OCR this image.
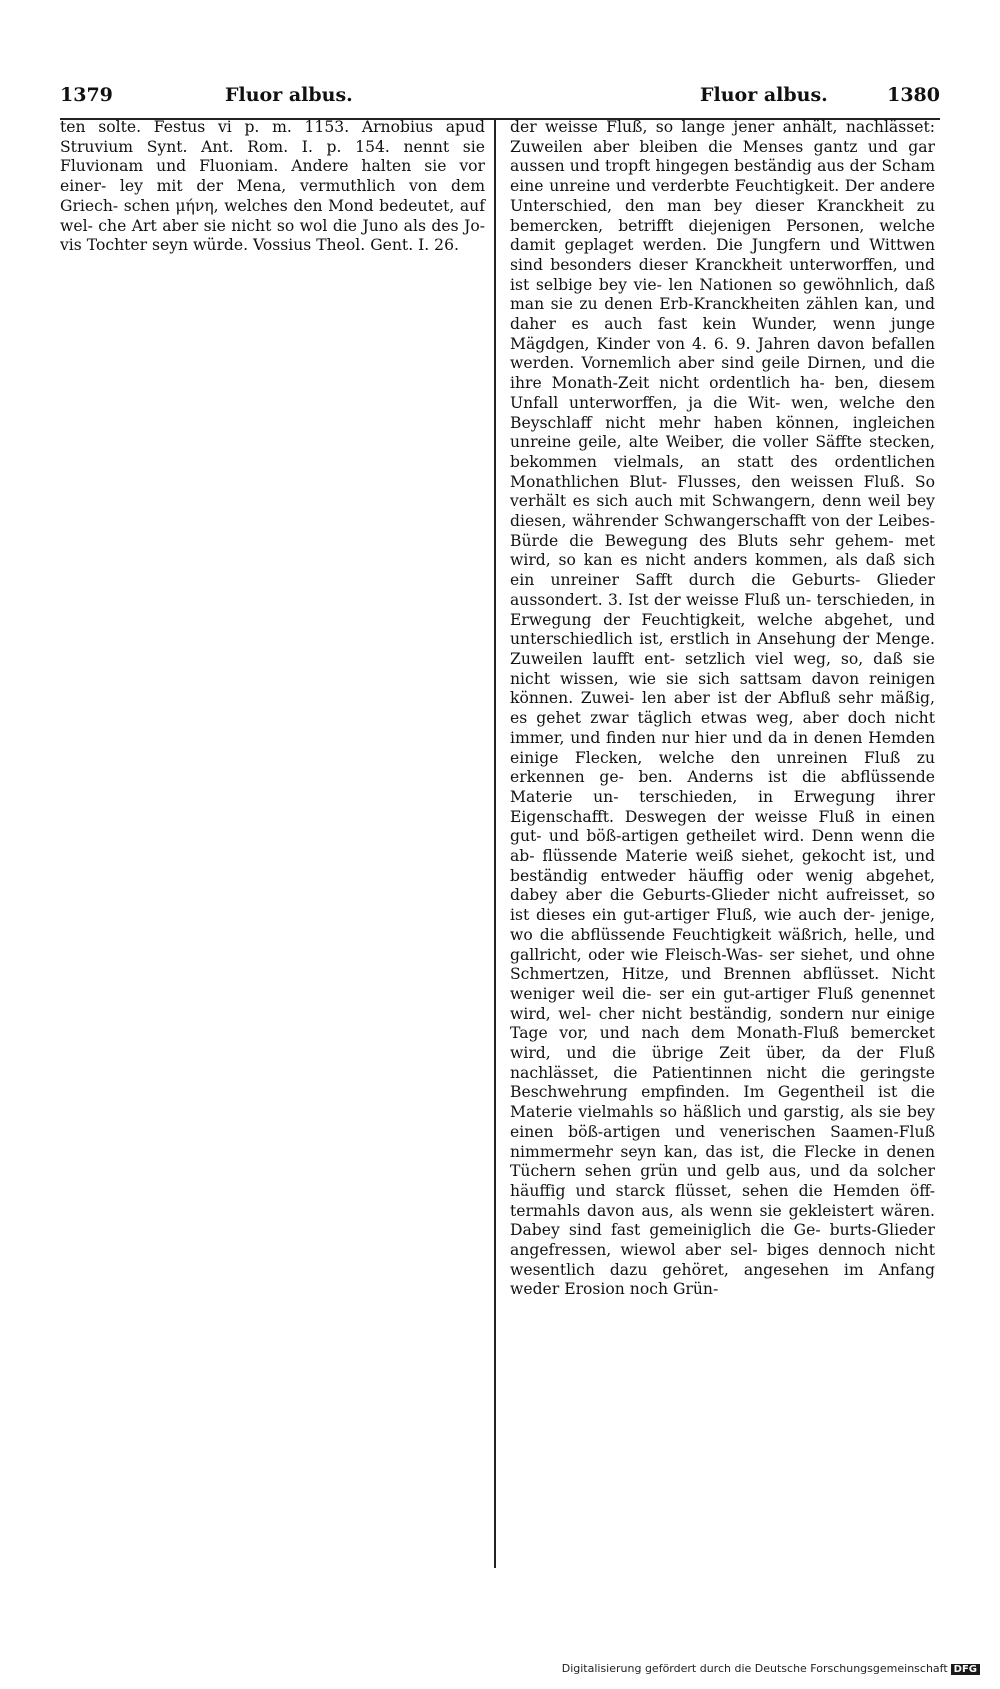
1379	Fluor albus.	Fluor albus.	1380

ten solte. Festus vi p. m. 1153. Arnobius apud Struvium Synt. Ant. Rom. I. p. 154. nennt sie Fluvionam und Fluoniam. Andere halten sie vor einer- ley mit der Mena, vermuthlich von dem Griech- schen μήνη, welches den Mond bedeutet, auf wel- che Art aber sie nicht so wol die Juno als des Jo- vis Tochter seyn würde. Vossius Theol. Gent. I. 26.

der weisse Fluß, so lange jener anhält, nachlässet: Zuweilen aber bleiben die Menses gantz und gar aussen und tropft hingegen beständig aus der Scham eine unreine und verderbte Feuchtigkeit. Der andere Unterschied, den man bey dieser Kranckheit zu bemercken, betrifft diejenigen Personen, welche damit geplaget werden. Die Jungfern und Wittwen sind besonders dieser Kranckheit unterworffen, und ist selbige bey vie- len Nationen so gewöhnlich, daß man sie zu denen Erb-Kranckheiten zählen kan, und daher es auch fast kein Wunder, wenn junge Mägdgen, Kinder von 4. 6. 9. Jahren davon befallen werden. Vornemlich aber sind geile Dirnen, und die ihre Monath-Zeit nicht ordentlich ha- ben, diesem Unfall unterworffen, ja die Wit- wen, welche den Beyschlaff nicht mehr haben können, ingleichen unreine geile, alte Weiber, die voller Säffte stecken, bekommen vielmals, an statt des ordentlichen Monathlichen Blut- Flusses, den weissen Fluß. So verhält es sich auch mit Schwangern, denn weil bey diesen, währender Schwangerschafft von der Leibes- Bürde die Bewegung des Bluts sehr gehem- met wird, so kan es nicht anders kommen, als daß sich ein unreiner Safft durch die Geburts- Glieder aussondert. 3. Ist der weisse Fluß un- terschieden, in Erwegung der Feuchtigkeit, welche abgehet, und unterschiedlich ist, erstlich in Ansehung der Menge. Zuweilen laufft ent- setzlich viel weg, so, daß sie nicht wissen, wie sie sich sattsam davon reinigen können. Zuwei- len aber ist der Abfluß sehr mäßig, es gehet zwar täglich etwas weg, aber doch nicht immer, und finden nur hier und da in denen Hemden einige Flecken, welche den unreinen Fluß zu erkennen ge- ben. Anderns ist die abflüssende Materie un- terschieden, in Erwegung ihrer Eigenschafft. Deswegen der weisse Fluß in einen gut- und böß-artigen getheilet wird. Denn wenn die ab- flüssende Materie weiß siehet, gekocht ist, und beständig entweder häuffig oder wenig abgehet, dabey aber die Geburts-Glieder nicht aufreisset, so ist dieses ein gut-artiger Fluß, wie auch der- jenige, wo die abflüssende Feuchtigkeit wäßrich, helle, und gallricht, oder wie Fleisch-Was- ser siehet, und ohne Schmertzen, Hitze, und Brennen abflüsset. Nicht weniger weil die- ser ein gut-artiger Fluß genennet wird, wel- cher nicht beständig, sondern nur einige Tage vor, und nach dem Monath-Fluß bemercket wird, und die übrige Zeit über, da der Fluß nachlässet, die Patientinnen nicht die geringste Beschwehrung empfinden. Im Gegentheil ist die Materie vielmahls so häßlich und garstig, als sie bey einen böß-artigen und venerischen Saamen-Fluß nimmermehr seyn kan, das ist, die Flecke in denen Tüchern sehen grün und gelb aus, und da solcher häuffig und starck flüsset, sehen die Hemden öff- termahls davon aus, als wenn sie gekleistert wären. Dabey sind fast gemeiniglich die Ge- burts-Glieder angefressen, wiewol aber sel- biges dennoch nicht wesentlich dazu gehöret, angesehen im Anfang weder Erosion noch Grün-

Digitalisierung gefördert durch die Deutsche Forschungsgemeinschaft DFG
